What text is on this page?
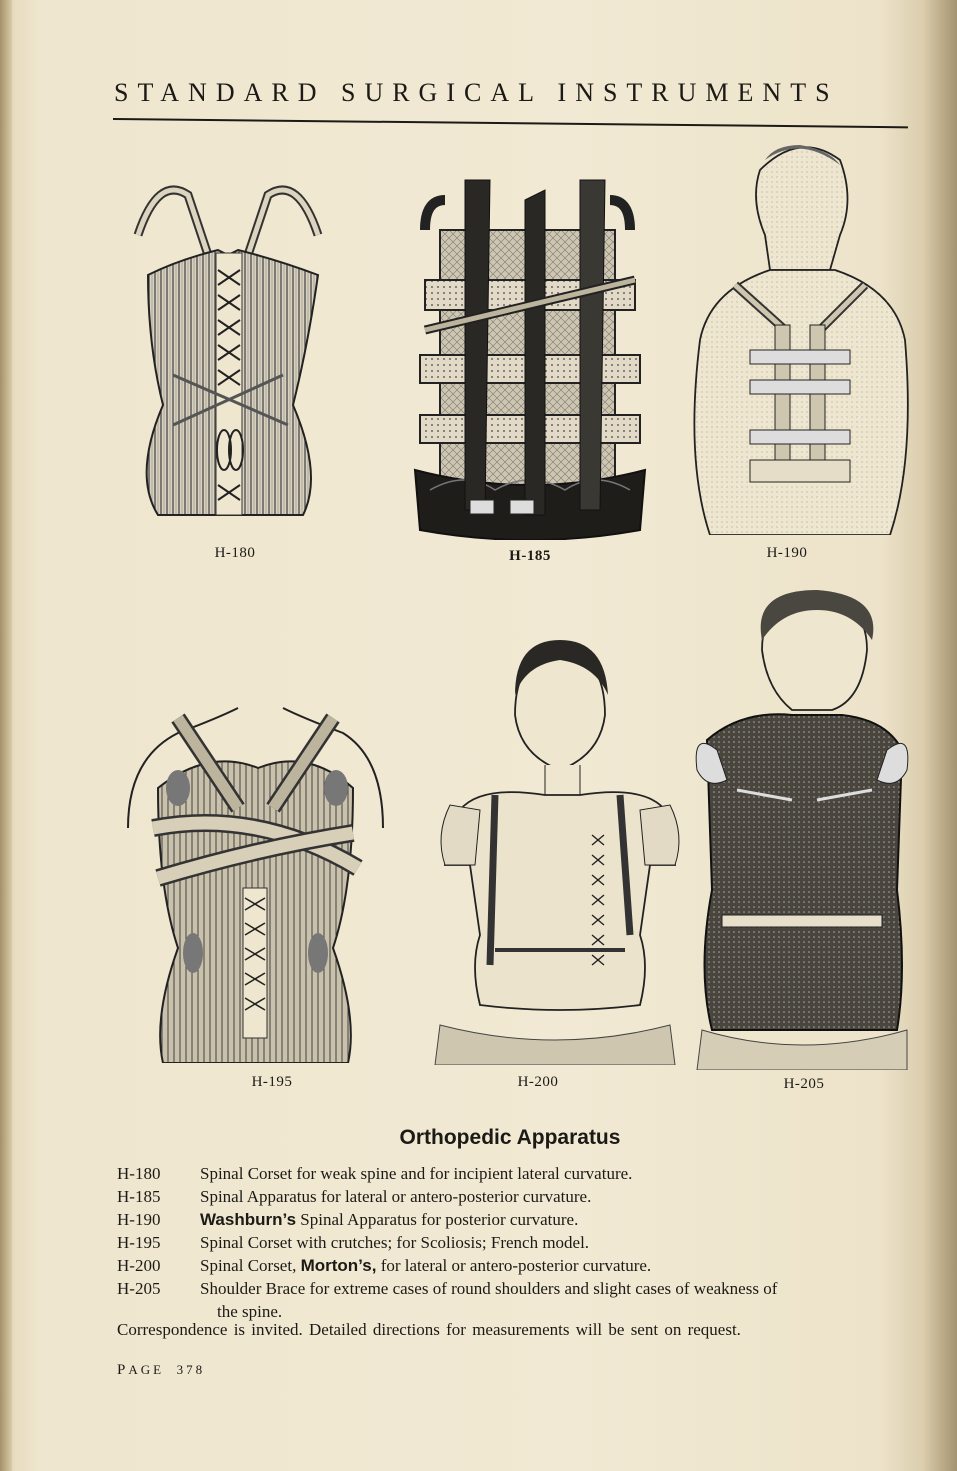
STANDARD SURGICAL INSTRUMENTS
H-180	H-185	H-190
H-195	H-200	H-205
Orthopedic Apparatus
H-180	Spinal Corset for weak spine and for incipient lateral curvature.
H-185	Spinal Apparatus for lateral or antero-posterior curvature.
H-190	Washburn’s Spinal Apparatus for posterior curvature.
H-195	Spinal Corset with crutches; for Scoliosis; French model.
H-200	Spinal Corset, Morton’s, for lateral or antero-posterior curvature.
H-205	Shoulder Brace for extreme cases of round shoulders and slight cases of weakness of
the spine.
Correspondence is invited. Detailed directions for measurements will be sent on request.
PAGE 378
